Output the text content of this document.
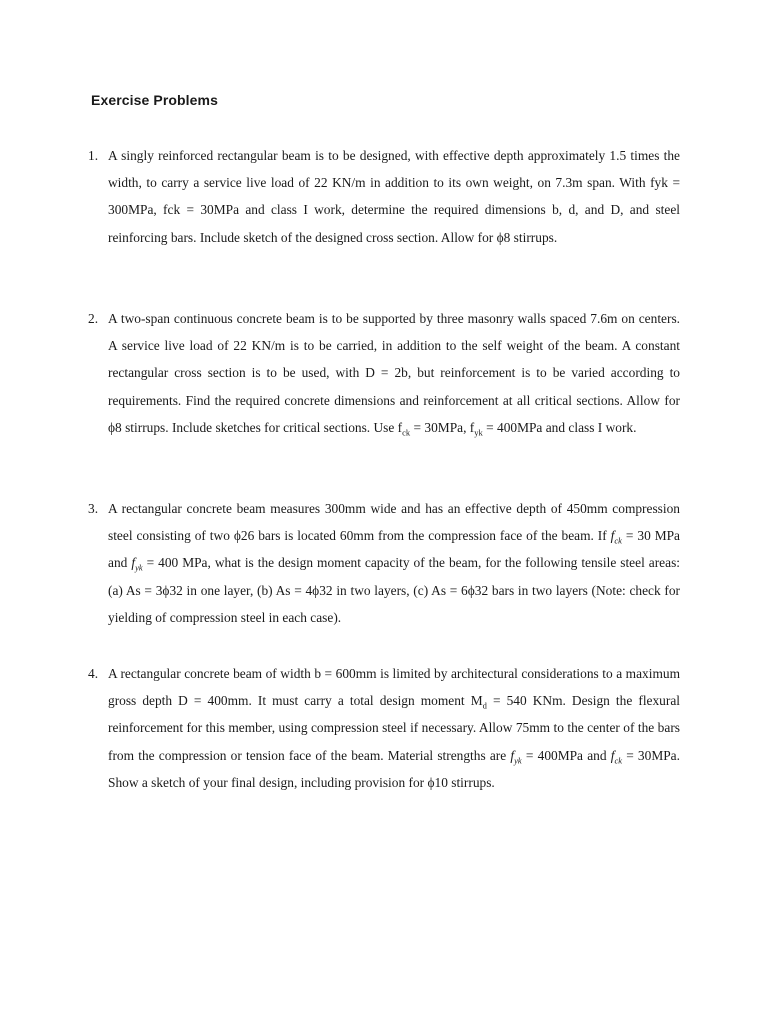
Exercise Problems
1. A singly reinforced rectangular beam is to be designed, with effective depth approximately 1.5 times the width, to carry a service live load of 22 KN/m in addition to its own weight, on 7.3m span. With fyk = 300MPa, fck = 30MPa and class I work, determine the required dimensions b, d, and D, and steel reinforcing bars. Include sketch of the designed cross section. Allow for ϕ8 stirrups.
2. A two-span continuous concrete beam is to be supported by three masonry walls spaced 7.6m on centers. A service live load of 22 KN/m is to be carried, in addition to the self weight of the beam. A constant rectangular cross section is to be used, with D = 2b, but reinforcement is to be varied according to requirements. Find the required concrete dimensions and reinforcement at all critical sections. Allow for ϕ8 stirrups. Include sketches for critical sections. Use $f_{ck} = 30MPa$, $f_{yk} = 400MPa$ and class I work.
3. A rectangular concrete beam measures 300mm wide and has an effective depth of 450mm compression steel consisting of two ϕ26 bars is located 60mm from the compression face of the beam. If $f_{ck} = 30$ MPa and $f_{yk} = 400$ MPa, what is the design moment capacity of the beam, for the following tensile steel areas: (a) As = 3ϕ32 in one layer, (b) As = 4ϕ32 in two layers, (c) As = 6ϕ32 bars in two layers (Note: check for yielding of compression steel in each case).
4. A rectangular concrete beam of width b = 600mm is limited by architectural considerations to a maximum gross depth D = 400mm. It must carry a total design moment $M_d = 540$ KNm. Design the flexural reinforcement for this member, using compression steel if necessary. Allow 75mm to the center of the bars from the compression or tension face of the beam. Material strengths are $f_{yk} = 400MPa$ and $f_{ck} = 30MPa$. Show a sketch of your final design, including provision for ϕ10 stirrups.
